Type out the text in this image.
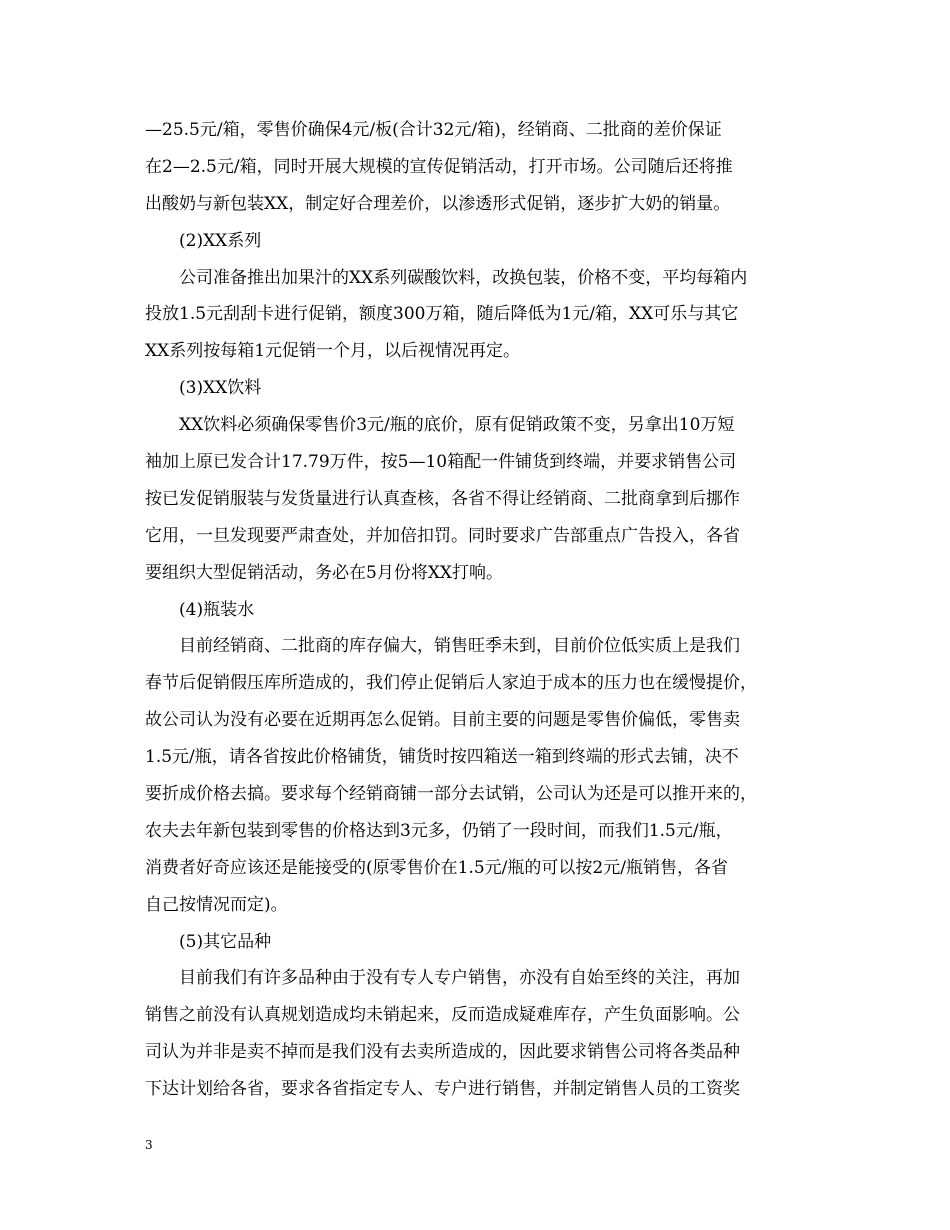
—25.5元/箱，零售价确保4元/板(合计32元/箱)，经销商、二批商的差价保证
在2—2.5元/箱，同时开展大规模的宣传促销活动，打开市场。公司随后还将推
出酸奶与新包装XX，制定好合理差价，以渗透形式促销，逐步扩大奶的销量。
(2)XX系列
公司准备推出加果汁的XX系列碳酸饮料，改换包装，价格不变，平均每箱内
投放1.5元刮刮卡进行促销，额度300万箱，随后降低为1元/箱，XX可乐与其它
XX系列按每箱1元促销一个月，以后视情况再定。
(3)XX饮料
XX饮料必须确保零售价3元/瓶的底价，原有促销政策不变，另拿出10万短
袖加上原已发合计17.79万件，按5—10箱配一件铺货到终端，并要求销售公司
按已发促销服装与发货量进行认真查核，各省不得让经销商、二批商拿到后挪作
它用，一旦发现要严肃查处，并加倍扣罚。同时要求广告部重点广告投入，各省
要组织大型促销活动，务必在5月份将XX打响。
(4)瓶装水
目前经销商、二批商的库存偏大，销售旺季未到，目前价位低实质上是我们
春节后促销假压库所造成的，我们停止促销后人家迫于成本的压力也在缓慢提价，
故公司认为没有必要在近期再怎么促销。目前主要的问题是零售价偏低，零售卖
1.5元/瓶，请各省按此价格铺货，铺货时按四箱送一箱到终端的形式去铺，决不
要折成价格去搞。要求每个经销商铺一部分去试销，公司认为还是可以推开来的，
农夫去年新包装到零售的价格达到3元多，仍销了一段时间，而我们1.5元/瓶，
消费者好奇应该还是能接受的(原零售价在1.5元/瓶的可以按2元/瓶销售，各省
自己按情况而定)。
(5)其它品种
目前我们有许多品种由于没有专人专户销售，亦没有自始至终的关注，再加
销售之前没有认真规划造成均未销起来，反而造成疑难库存，产生负面影响。公
司认为并非是卖不掉而是我们没有去卖所造成的，因此要求销售公司将各类品种
下达计划给各省，要求各省指定专人、专户进行销售，并制定销售人员的工资奖
3
